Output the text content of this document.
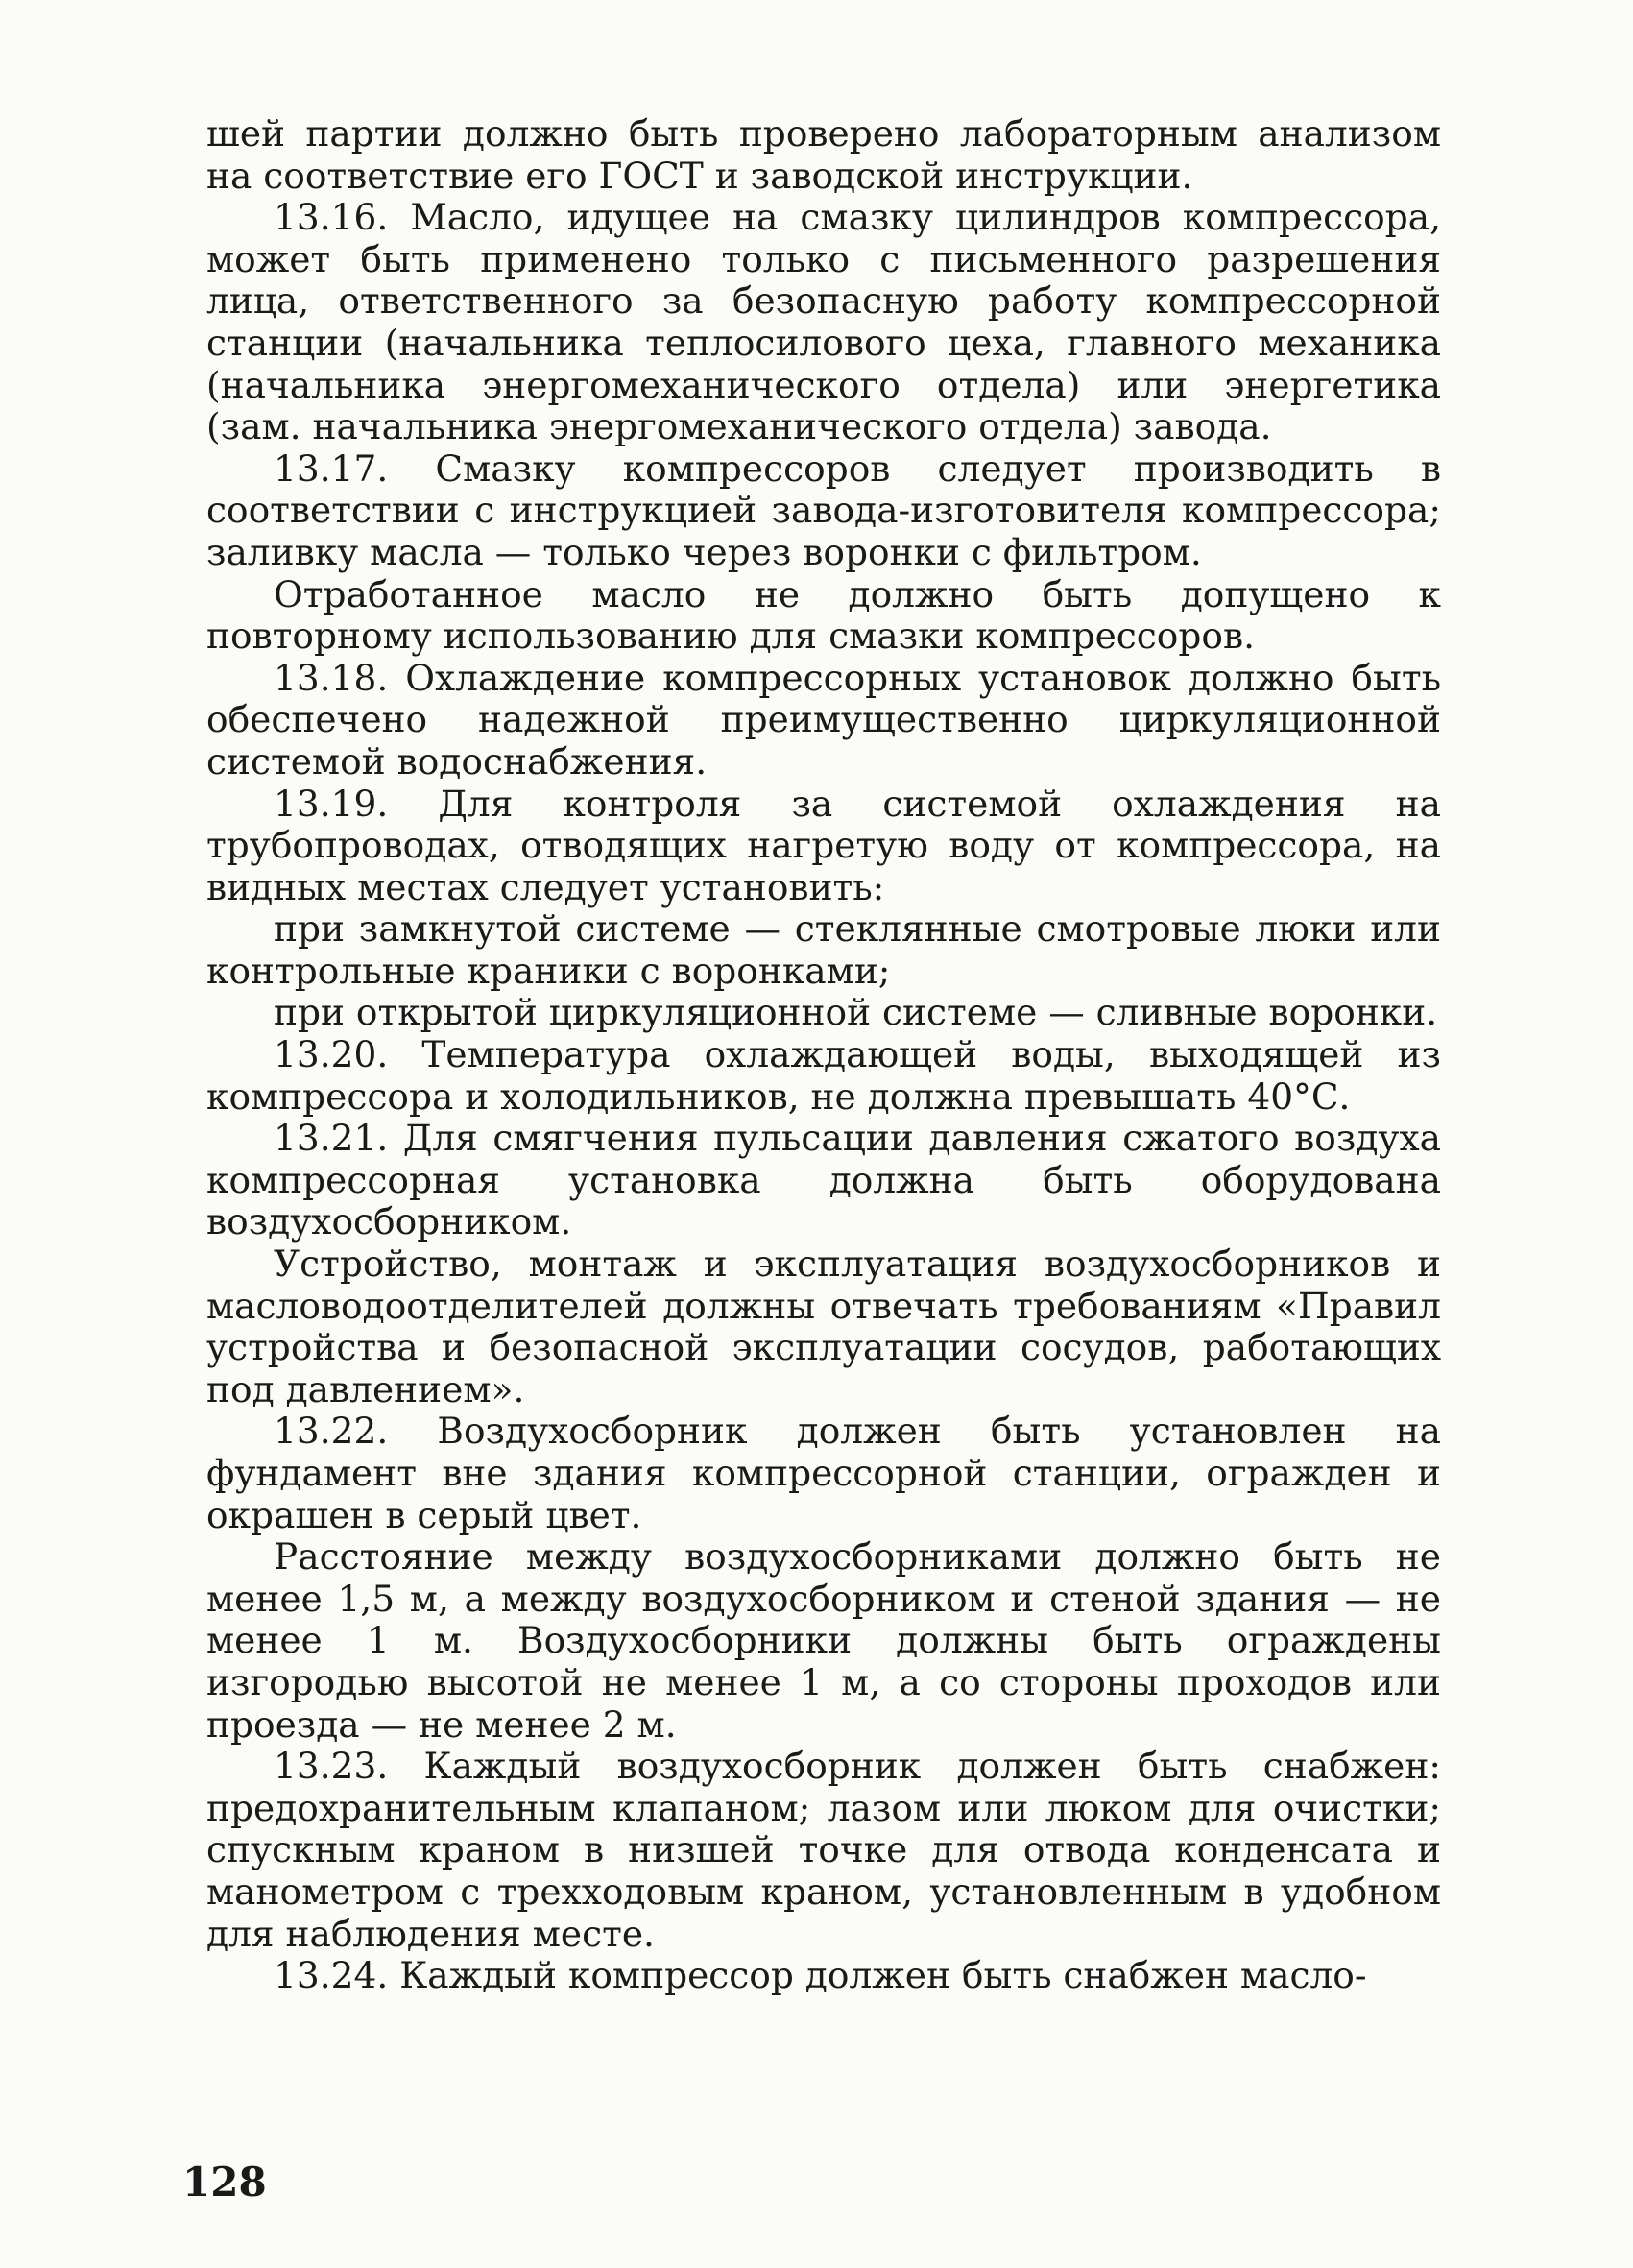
шей партии должно быть проверено лабораторным анализом на соответствие его ГОСТ и заводской инструкции.

13.16. Масло, идущее на смазку цилиндров компрессора, может быть применено только с письменного разрешения лица, ответственного за безопасную работу компрессорной станции (начальника теплосилового цеха, главного механика (начальника энергомеханического отдела) или энергетика (зам. начальника энергомеханического отдела) завода.

13.17. Смазку компрессоров следует производить в соответствии с инструкцией завода-изготовителя компрессора; заливку масла — только через воронки с фильтром.

Отработанное масло не должно быть допущено к повторному использованию для смазки компрессоров.

13.18. Охлаждение компрессорных установок должно быть обеспечено надежной преимущественно циркуляционной системой водоснабжения.

13.19. Для контроля за системой охлаждения на трубопроводах, отводящих нагретую воду от компрессора, на видных местах следует установить:

при замкнутой системе — стеклянные смотровые люки или контрольные краники с воронками;

при открытой циркуляционной системе — сливные воронки.

13.20. Температура охлаждающей воды, выходящей из компрессора и холодильников, не должна превышать 40°С.

13.21. Для смягчения пульсации давления сжатого воздуха компрессорная установка должна быть оборудована воздухосборником.

Устройство, монтаж и эксплуатация воздухосборников и масловодоотделителей должны отвечать требованиям «Правил устройства и безопасной эксплуатации сосудов, работающих под давлением».

13.22. Воздухосборник должен быть установлен на фундамент вне здания компрессорной станции, огражден и окрашен в серый цвет.

Расстояние между воздухосборниками должно быть не менее 1,5 м, а между воздухосборником и стеной здания — не менее 1 м. Воздухосборники должны быть ограждены изгородью высотой не менее 1 м, а со стороны проходов или проезда — не менее 2 м.

13.23. Каждый воздухосборник должен быть снабжен: предохранительным клапаном; лазом или люком для очистки; спускным краном в низшей точке для отвода конденсата и манометром с трехходовым краном, установленным в удобном для наблюдения месте.

13.24. Каждый компрессор должен быть снабжен масло-

128
